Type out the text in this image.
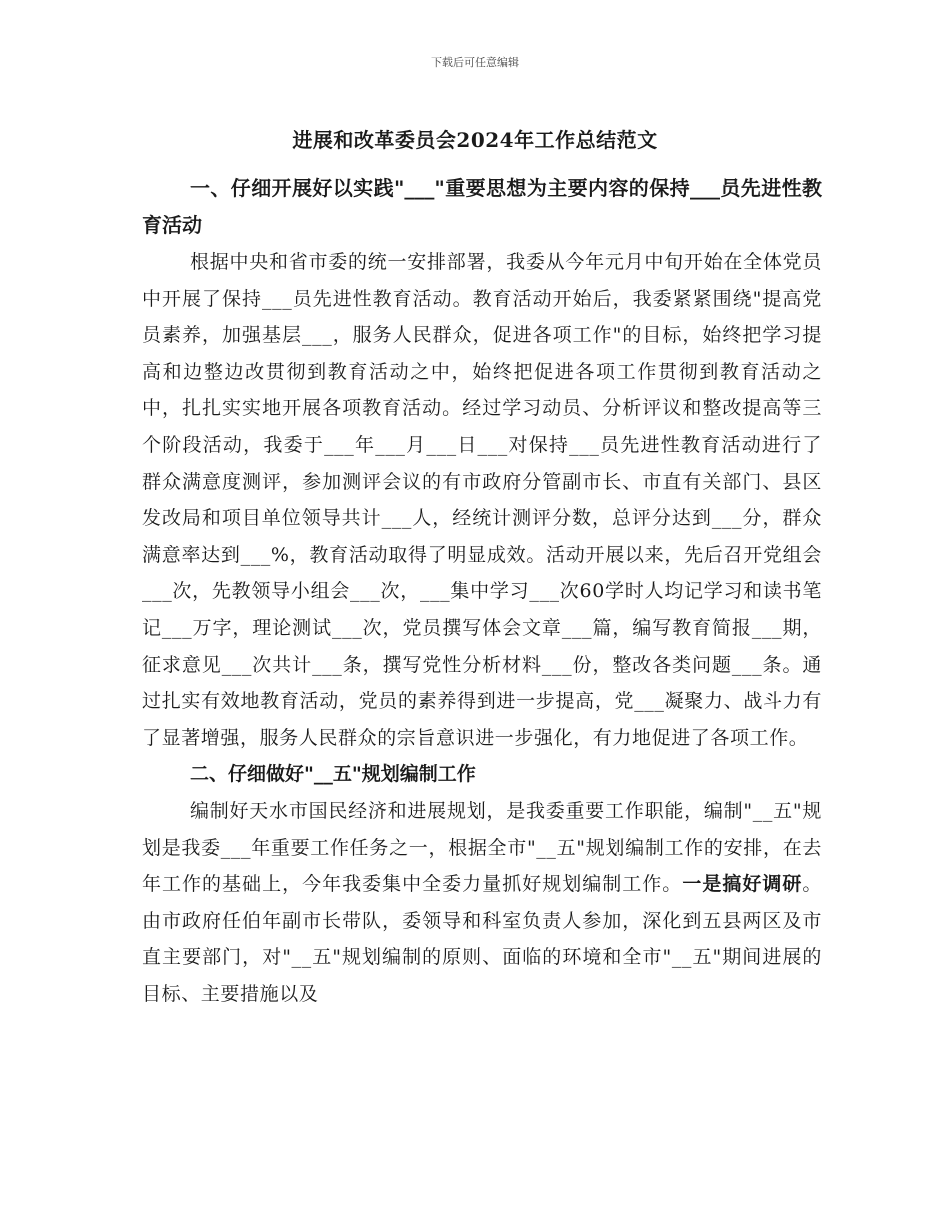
下载后可任意编辑
进展和改革委员会2024年工作总结范文

一、仔细开展好以实践"___"重要思想为主要内容的保持___员先进性教育活动

根据中央和省市委的统一安排部署，我委从今年元月中旬开始在全体党员中开展了保持___员先进性教育活动。教育活动开始后，我委紧紧围绕"提高党员素养，加强基层___，服务人民群众，促进各项工作"的目标，始终把学习提高和边整边改贯彻到教育活动之中，始终把促进各项工作贯彻到教育活动之中，扎扎实实地开展各项教育活动。经过学习动员、分析评议和整改提高等三个阶段活动，我委于___年___月___日___对保持___员先进性教育活动进行了群众满意度测评，参加测评会议的有市政府分管副市长、市直有关部门、县区发改局和项目单位领导共计___人，经统计测评分数，总评分达到___分，群众满意率达到___%，教育活动取得了明显成效。活动开展以来，先后召开党组会___次，先教领导小组会___次，___集中学习___次60学时人均记学习和读书笔记___万字，理论测试___次，党员撰写体会文章___篇，编写教育简报___期，征求意见___次共计___条，撰写党性分析材料___份，整改各类问题___条。通过扎实有效地教育活动，党员的素养得到进一步提高，党___凝聚力、战斗力有了显著增强，服务人民群众的宗旨意识进一步强化，有力地促进了各项工作。

二、仔细做好"__五"规划编制工作

编制好天水市国民经济和进展规划，是我委重要工作职能，编制"__五"规划是我委___年重要工作任务之一，根据全市"__五"规划编制工作的安排，在去年工作的基础上，今年我委集中全委力量抓好规划编制工作。一是搞好调研。由市政府任伯年副市长带队，委领导和科室负责人参加，深化到五县两区及市直主要部门，对"__五"规划编制的原则、面临的环境和全市"__五"期间进展的目标、主要措施以及
